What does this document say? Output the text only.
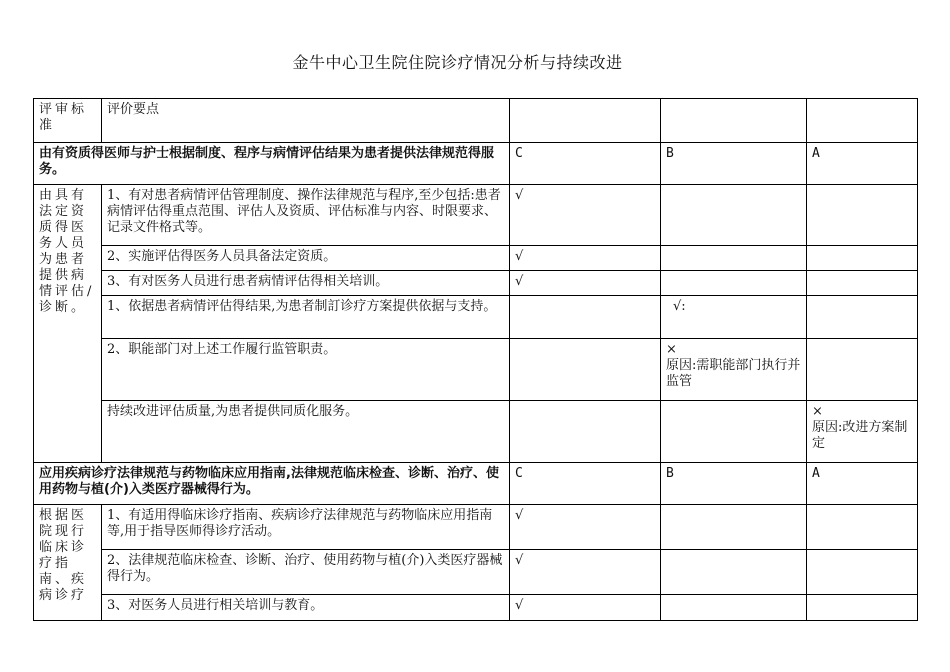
金牛中心卫生院住院诊疗情况分析与持续改进
评审标准	评价要点			
由有资质得医师与护士根据制度、程序与病情评估结果为患者提供法律规范得服务。		C	B	A
由具有法定资质得医务人员为患者提供病情评估/诊断。	1、有对患者病情评估管理制度、操作法律规范与程序,至少包括:患者病情评估得重点范围、评估人及资质、评估标准与内容、时限要求、记录文件格式等。	√		
	2、实施评估得医务人员具备法定资质。	√		
	3、有对医务人员进行患者病情评估得相关培训。	√		
	1、依据患者病情评估得结果,为患者制訂诊疗方案提供依据与支持。		√:	
	2、职能部门对上述工作履行监管职责。		×
原因:需职能部门执行并监管	
	持续改进评估质量,为患者提供同质化服务。			×
原因:改进方案制定
应用疾病诊疗法律规范与药物临床应用指南,法律规范临床检查、诊断、治疗、使用药物与植(介)入类医疗器械得行为。		C	B	A
根据医院现行临床诊疗指南、疾病诊疗	1、有适用得临床诊疗指南、疾病诊疗法律规范与药物临床应用指南等,用于指导医师得诊疗活动。	√		
	2、法律规范临床检查、诊断、治疗、使用药物与植(介)入类医疗器械得行为。	√		
	3、对医务人员进行相关培训与教育。	√		
